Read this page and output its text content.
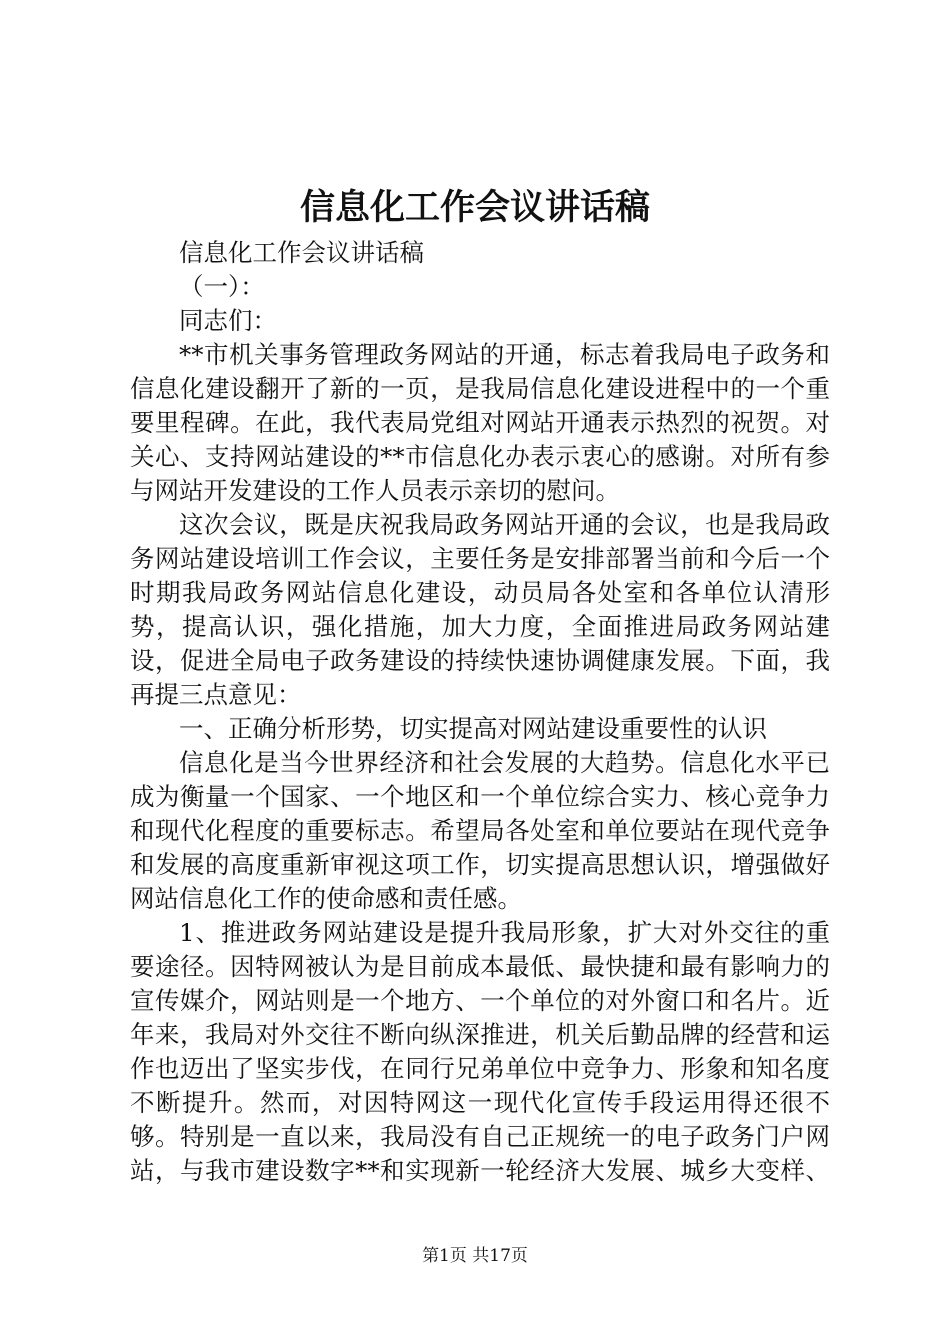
信息化工作会议讲话稿

信息化工作会议讲话稿

（一）：

同志们：

**市机关事务管理政务网站的开通，标志着我局电子政务和信息化建设翻开了新的一页，是我局信息化建设进程中的一个重要里程碑。在此，我代表局党组对网站开通表示热烈的祝贺。对关心、支持网站建设的**市信息化办表示衷心的感谢。对所有参与网站开发建设的工作人员表示亲切的慰问。

这次会议，既是庆祝我局政务网站开通的会议，也是我局政务网站建设培训工作会议，主要任务是安排部署当前和今后一个时期我局政务网站信息化建设，动员局各处室和各单位认清形势，提高认识，强化措施，加大力度，全面推进局政务网站建设，促进全局电子政务建设的持续快速协调健康发展。下面，我再提三点意见：

一、正确分析形势，切实提高对网站建设重要性的认识

信息化是当今世界经济和社会发展的大趋势。信息化水平已成为衡量一个国家、一个地区和一个单位综合实力、核心竞争力和现代化程度的重要标志。希望局各处室和单位要站在现代竞争和发展的高度重新审视这项工作，切实提高思想认识，增强做好网站信息化工作的使命感和责任感。

1、推进政务网站建设是提升我局形象，扩大对外交往的重要途径。因特网被认为是目前成本最低、最快捷和最有影响力的宣传媒介，网站则是一个地方、一个单位的对外窗口和名片。近年来，我局对外交往不断向纵深推进，机关后勤品牌的经营和运作也迈出了坚实步伐，在同行兄弟单位中竞争力、形象和知名度不断提升。然而，对因特网这一现代化宣传手段运用得还很不够。特别是一直以来，我局没有自己正规统一的电子政务门户网站，与我市建设数字**和实现新一轮经济大发展、城乡大变样、

第1页 共17页
